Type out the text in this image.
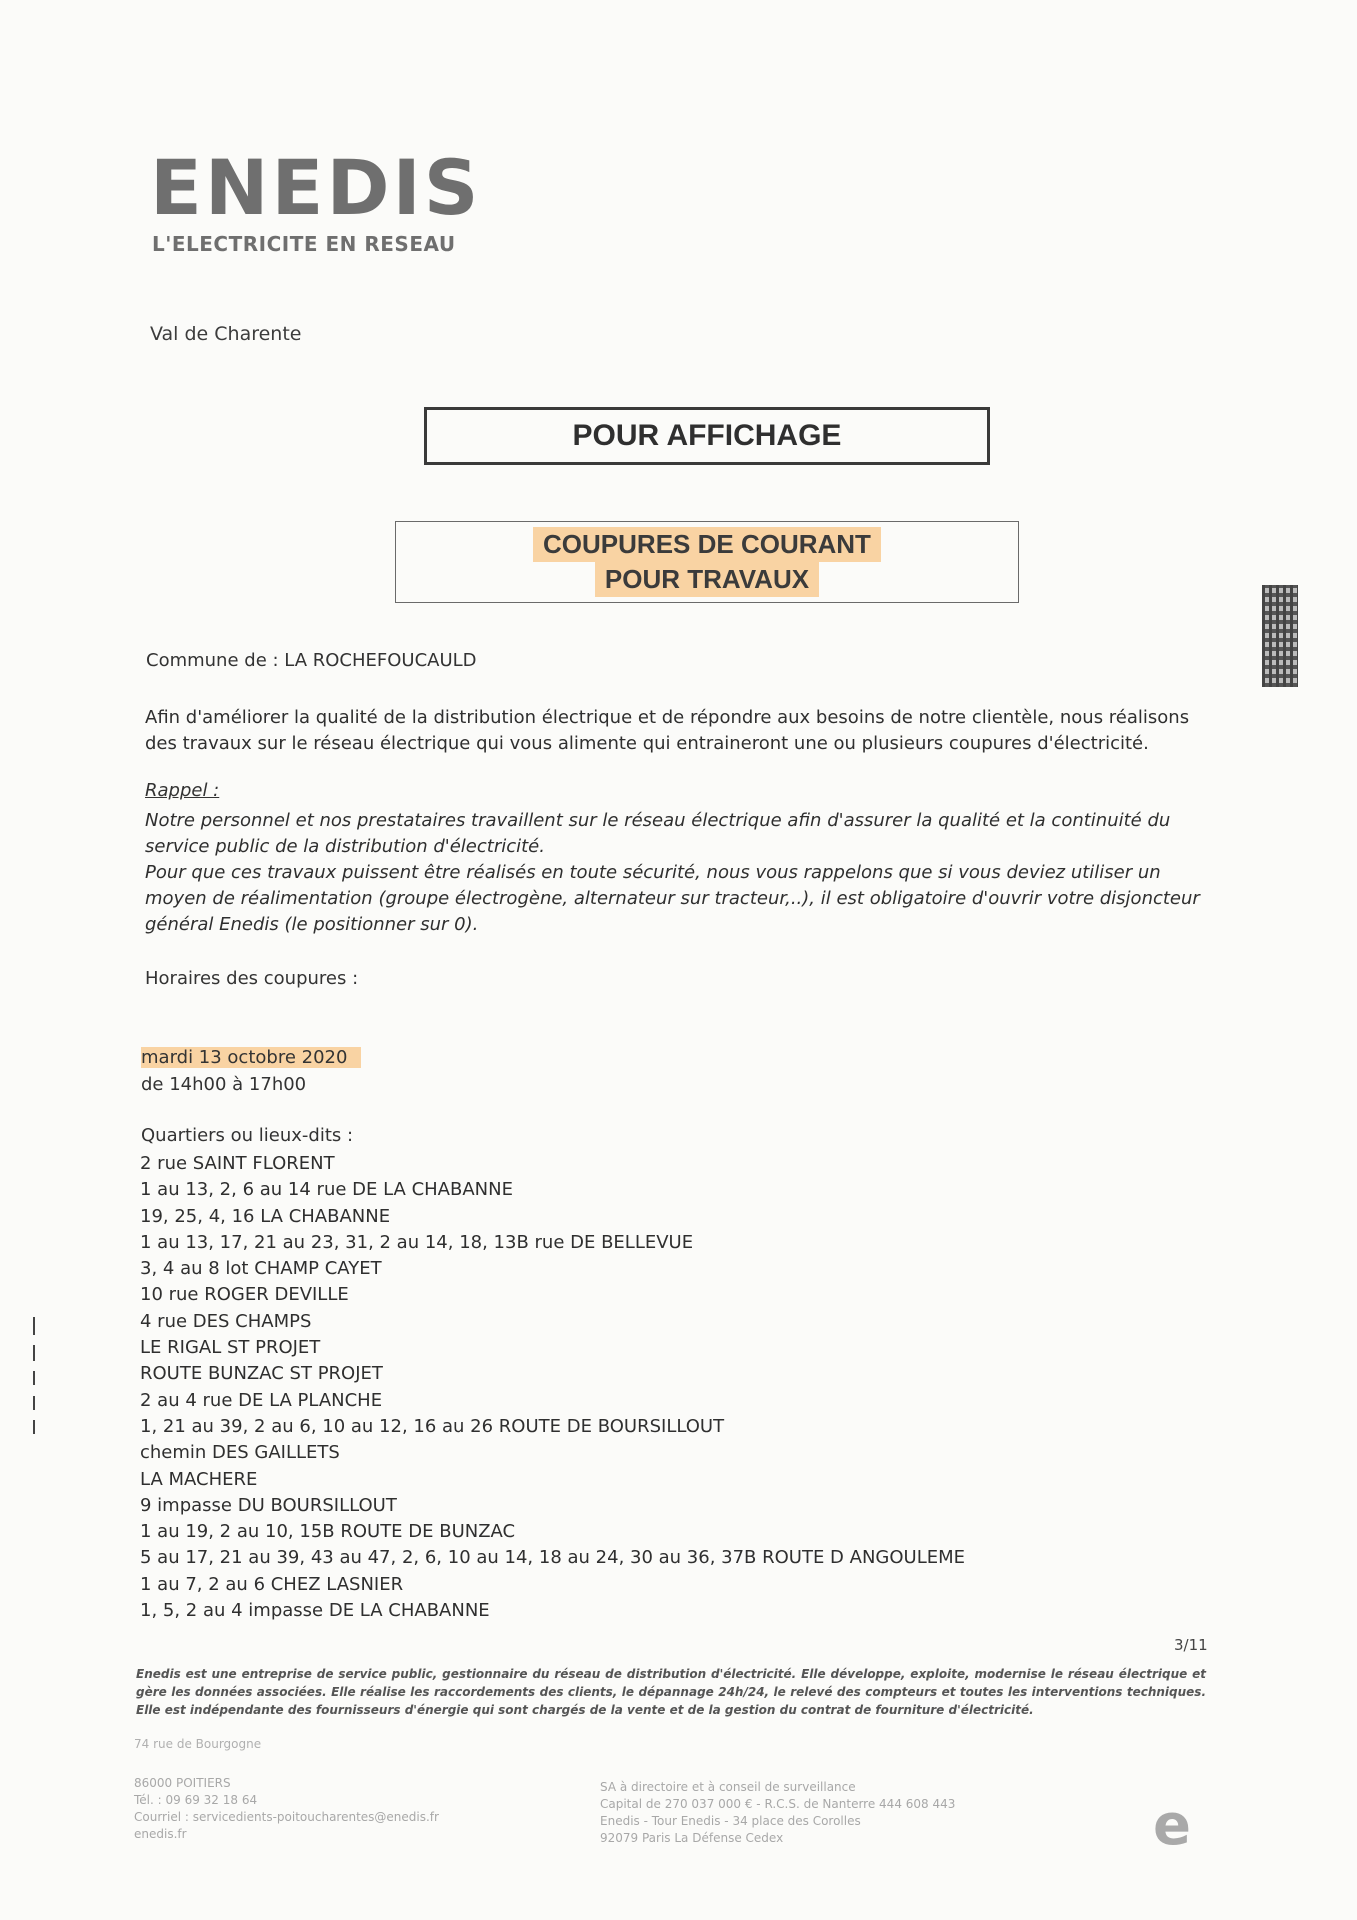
ENEDIS
L'ELECTRICITE EN RESEAU
Val de Charente
POUR AFFICHAGE
COUPURES DE COURANT
POUR TRAVAUX
Commune de : LA ROCHEFOUCAULD
Afin d'améliorer la qualité de la distribution électrique et de répondre aux besoins de notre clientèle, nous réalisons des travaux sur le réseau électrique qui vous alimente qui entraineront une ou plusieurs coupures d'électricité.
Rappel :

Notre personnel et nos prestataires travaillent sur le réseau électrique afin d'assurer la qualité et la continuité du service public de la distribution d'électricité.

Pour que ces travaux puissent être réalisés en toute sécurité, nous vous rappelons que si vous deviez utiliser un moyen de réalimentation (groupe électrogène, alternateur sur tracteur,..), il est obligatoire d'ouvrir votre disjoncteur général Enedis (le positionner sur 0).

Horaires des coupures :
mardi 13 octobre 2020
de 14h00 à 17h00
Quartiers ou lieux-dits :
2 rue SAINT FLORENT
1 au 13, 2, 6 au 14 rue DE LA CHABANNE
19, 25, 4, 16 LA CHABANNE
1 au 13, 17, 21 au 23, 31, 2 au 14, 18, 13B rue DE BELLEVUE
3, 4 au 8 lot CHAMP CAYET
10 rue ROGER DEVILLE
4 rue DES CHAMPS
LE RIGAL ST PROJET
ROUTE BUNZAC ST PROJET
2 au 4 rue DE LA PLANCHE
1, 21 au 39, 2 au 6, 10 au 12, 16 au 26 ROUTE DE BOURSILLOUT
chemin DES GAILLETS
LA MACHERE
9 impasse DU BOURSILLOUT
1 au 19, 2 au 10, 15B ROUTE DE BUNZAC
5 au 17, 21 au 39, 43 au 47, 2, 6, 10 au 14, 18 au 24, 30 au 36, 37B ROUTE D ANGOULEME
1 au 7, 2 au 6 CHEZ LASNIER
1, 5, 2 au 4 impasse DE LA CHABANNE
3/11
Enedis est une entreprise de service public, gestionnaire du réseau de distribution d'électricité. Elle développe, exploite, modernise le réseau électrique et gère les données associées. Elle réalise les raccordements des clients, le dépannage 24h/24, le relevé des compteurs et toutes les interventions techniques. Elle est indépendante des fournisseurs d'énergie qui sont chargés de la vente et de la gestion du contrat de fourniture d'électricité.
74 rue de Bourgogne
86000 POITIERS
Tél. : 09 69 32 18 64
Courriel : servicedients-poitoucharentes@enedis.fr
enedis.fr
SA à directoire et à conseil de surveillance
Capital de 270 037 000 € - R.C.S. de Nanterre 444 608 443
Enedis - Tour Enedis - 34 place des Corolles
92079 Paris La Défense Cedex	e
